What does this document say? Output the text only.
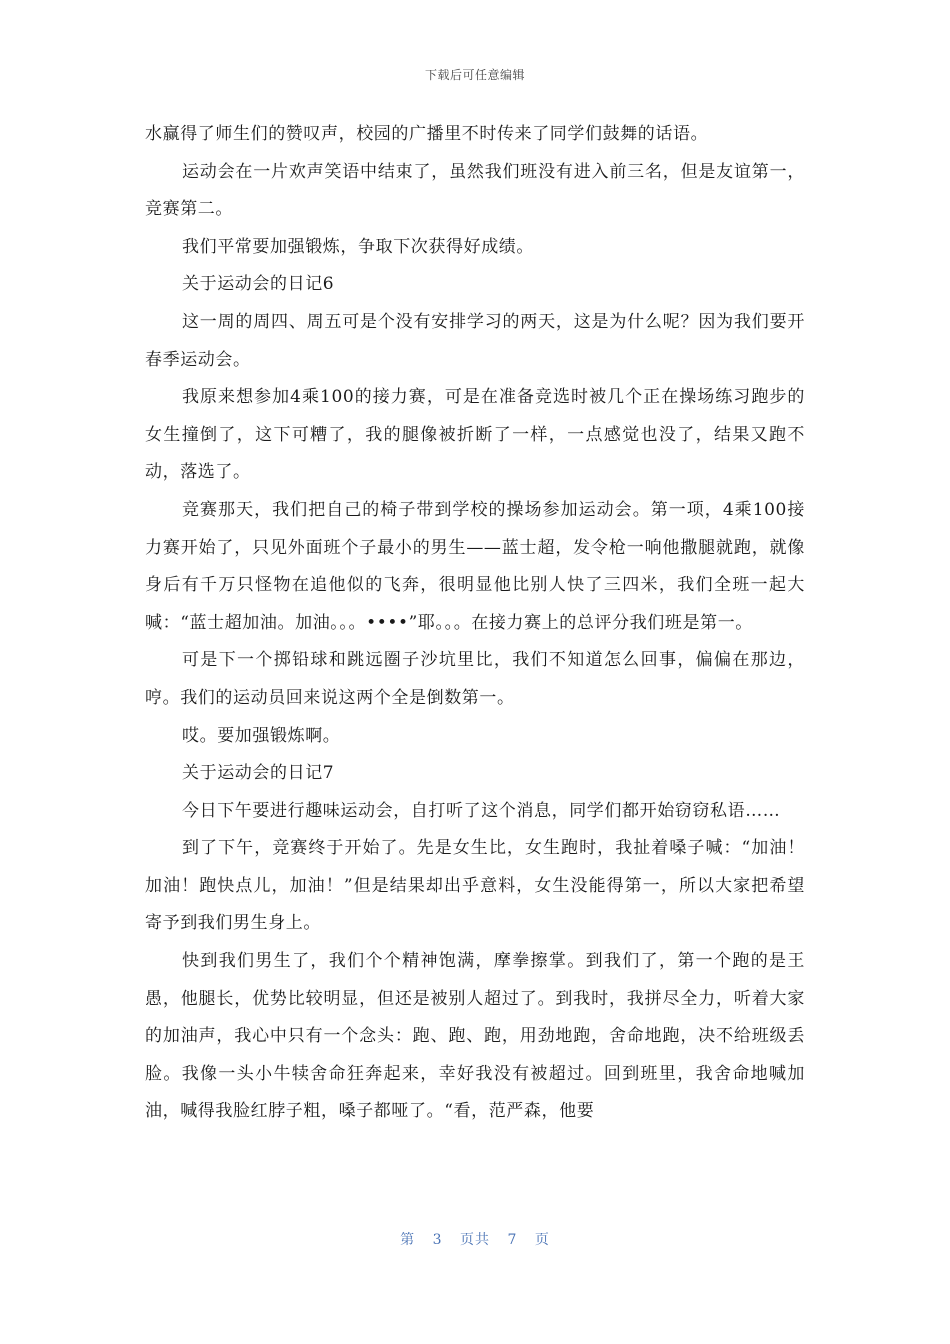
下载后可任意编辑

水赢得了师生们的赞叹声，校园的广播里不时传来了同学们鼓舞的话语。

运动会在一片欢声笑语中结束了，虽然我们班没有进入前三名，但是友谊第一，竞赛第二。

我们平常要加强锻炼，争取下次获得好成绩。

关于运动会的日记6

这一周的周四、周五可是个没有安排学习的两天，这是为什么呢？因为我们要开春季运动会。

我原来想参加4乘100的接力赛，可是在准备竞选时被几个正在操场练习跑步的女生撞倒了，这下可糟了，我的腿像被折断了一样，一点感觉也没了，结果又跑不动，落选了。

竞赛那天，我们把自己的椅子带到学校的操场参加运动会。第一项，4乘100接力赛开始了，只见外面班个子最小的男生——蓝士超，发令枪一响他撒腿就跑，就像身后有千万只怪物在追他似的飞奔，很明显他比别人快了三四米，我们全班一起大喊：“蓝士超加油。加油。。。••••”耶。。。在接力赛上的总评分我们班是第一。

可是下一个掷铅球和跳远圈子沙坑里比，我们不知道怎么回事，偏偏在那边，哼。我们的运动员回来说这两个全是倒数第一。

哎。要加强锻炼啊。

关于运动会的日记7

今日下午要进行趣味运动会，自打听了这个消息，同学们都开始窃窃私语……

到了下午，竞赛终于开始了。先是女生比，女生跑时，我扯着嗓子喊：“加油！加油！跑快点儿，加油！”但是结果却出乎意料，女生没能得第一，所以大家把希望寄予到我们男生身上。

快到我们男生了，我们个个精神饱满，摩拳擦掌。到我们了，第一个跑的是王愚，他腿长，优势比较明显，但还是被别人超过了。到我时，我拼尽全力，听着大家的加油声，我心中只有一个念头：跑、跑、跑，用劲地跑，舍命地跑，决不给班级丢脸。我像一头小牛犊舍命狂奔起来，幸好我没有被超过。回到班里，我舍命地喊加油，喊得我脸红脖子粗，嗓子都哑了。“看，范严森，他要

第 3 页共 7 页
